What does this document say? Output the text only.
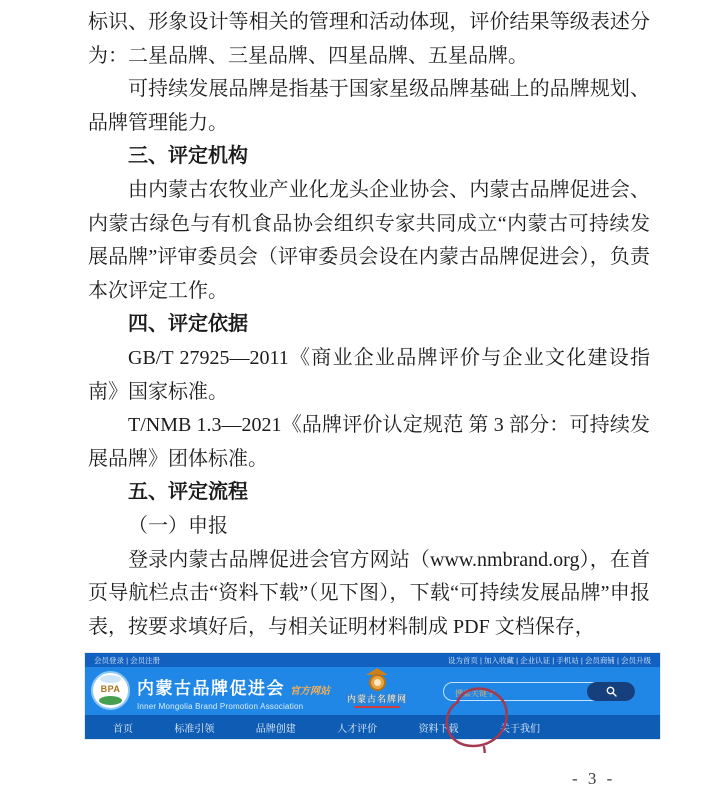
标识、形象设计等相关的管理和活动体现，评价结果等级表述分为：二星品牌、三星品牌、四星品牌、五星品牌。
可持续发展品牌是指基于国家星级品牌基础上的品牌规划、品牌管理能力。
三、评定机构
由内蒙古农牧业产业化龙头企业协会、内蒙古品牌促进会、内蒙古绿色与有机食品协会组织专家共同成立“内蒙古可持续发展品牌”评审委员会（评审委员会设在内蒙古品牌促进会），负责本次评定工作。
四、评定依据
GB/T 27925—2011《商业企业品牌评价与企业文化建设指南》国家标准。
T/NMB 1.3—2021《品牌评价认定规范 第 3 部分：可持续发展品牌》团体标准。
五、评定流程
（一）申报
登录内蒙古品牌促进会官方网站（www.nmbrand.org），在首页导航栏点击“资料下载”（见下图），下载“可持续发展品牌”申报表，按要求填好后，与相关证明材料制成 PDF 文档保存，
会员登录 | 会员注册	设为首页 | 加入收藏 | 企业认证 | 手机站 | 会员商铺 | 会员升级
BPA 内蒙古品牌促进会 官方网站
Inner Mongolia Brand Promotion Association
内蒙古名牌网
搜索关键字
首页	标准引领	品牌创建	人才评价	资料下载	关于我们
- 3 -
